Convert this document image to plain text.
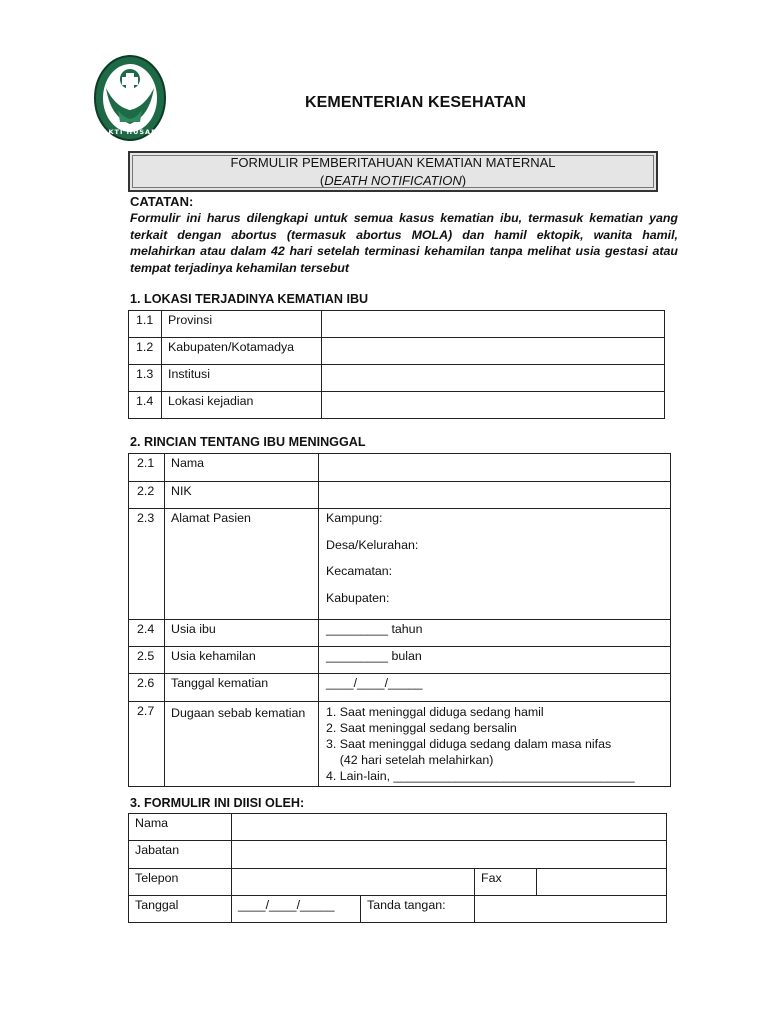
BAKTI HUSADA
KEMENTERIAN KESEHATAN
FORMULIR PEMBERITAHUAN KEMATIAN MATERNAL
(DEATH NOTIFICATION)
CATATAN:
Formulir ini harus dilengkapi untuk semua kasus kematian ibu, termasuk kematian yang terkait dengan abortus (termasuk abortus MOLA) dan hamil ektopik, wanita hamil, melahirkan atau dalam 42 hari setelah terminasi kehamilan tanpa melihat usia gestasi atau tempat terjadinya kehamilan tersebut
1. LOKASI TERJADINYA KEMATIAN IBU
1.1	Provinsi	
1.2	Kabupaten/Kotamadya	
1.3	Institusi	
1.4	Lokasi kejadian	
2. RINCIAN TENTANG IBU MENINGGAL
2.1	Nama	
2.2	NIK	
2.3	Alamat Pasien	Kampung:
Desa/Kelurahan:
Kecamatan:
Kabupaten:

2.4	Usia ibu	_________ tahun
2.5	Usia kehamilan	_________ bulan
2.6	Tanggal kematian	____/____/_____
2.7	Dugaan sebab kematian	1. Saat meninggal diduga sedang hamil
2. Saat meninggal sedang bersalin
3. Saat meninggal diduga sedang dalam masa nifas
(42 hari setelah melahirkan)
4. Lain-lain, ___________________________________
3. FORMULIR INI DIISI OLEH:
Nama				
Jabatan				
Telepon			Fax	
Tanggal	____/____/_____	Tanda tangan:		
